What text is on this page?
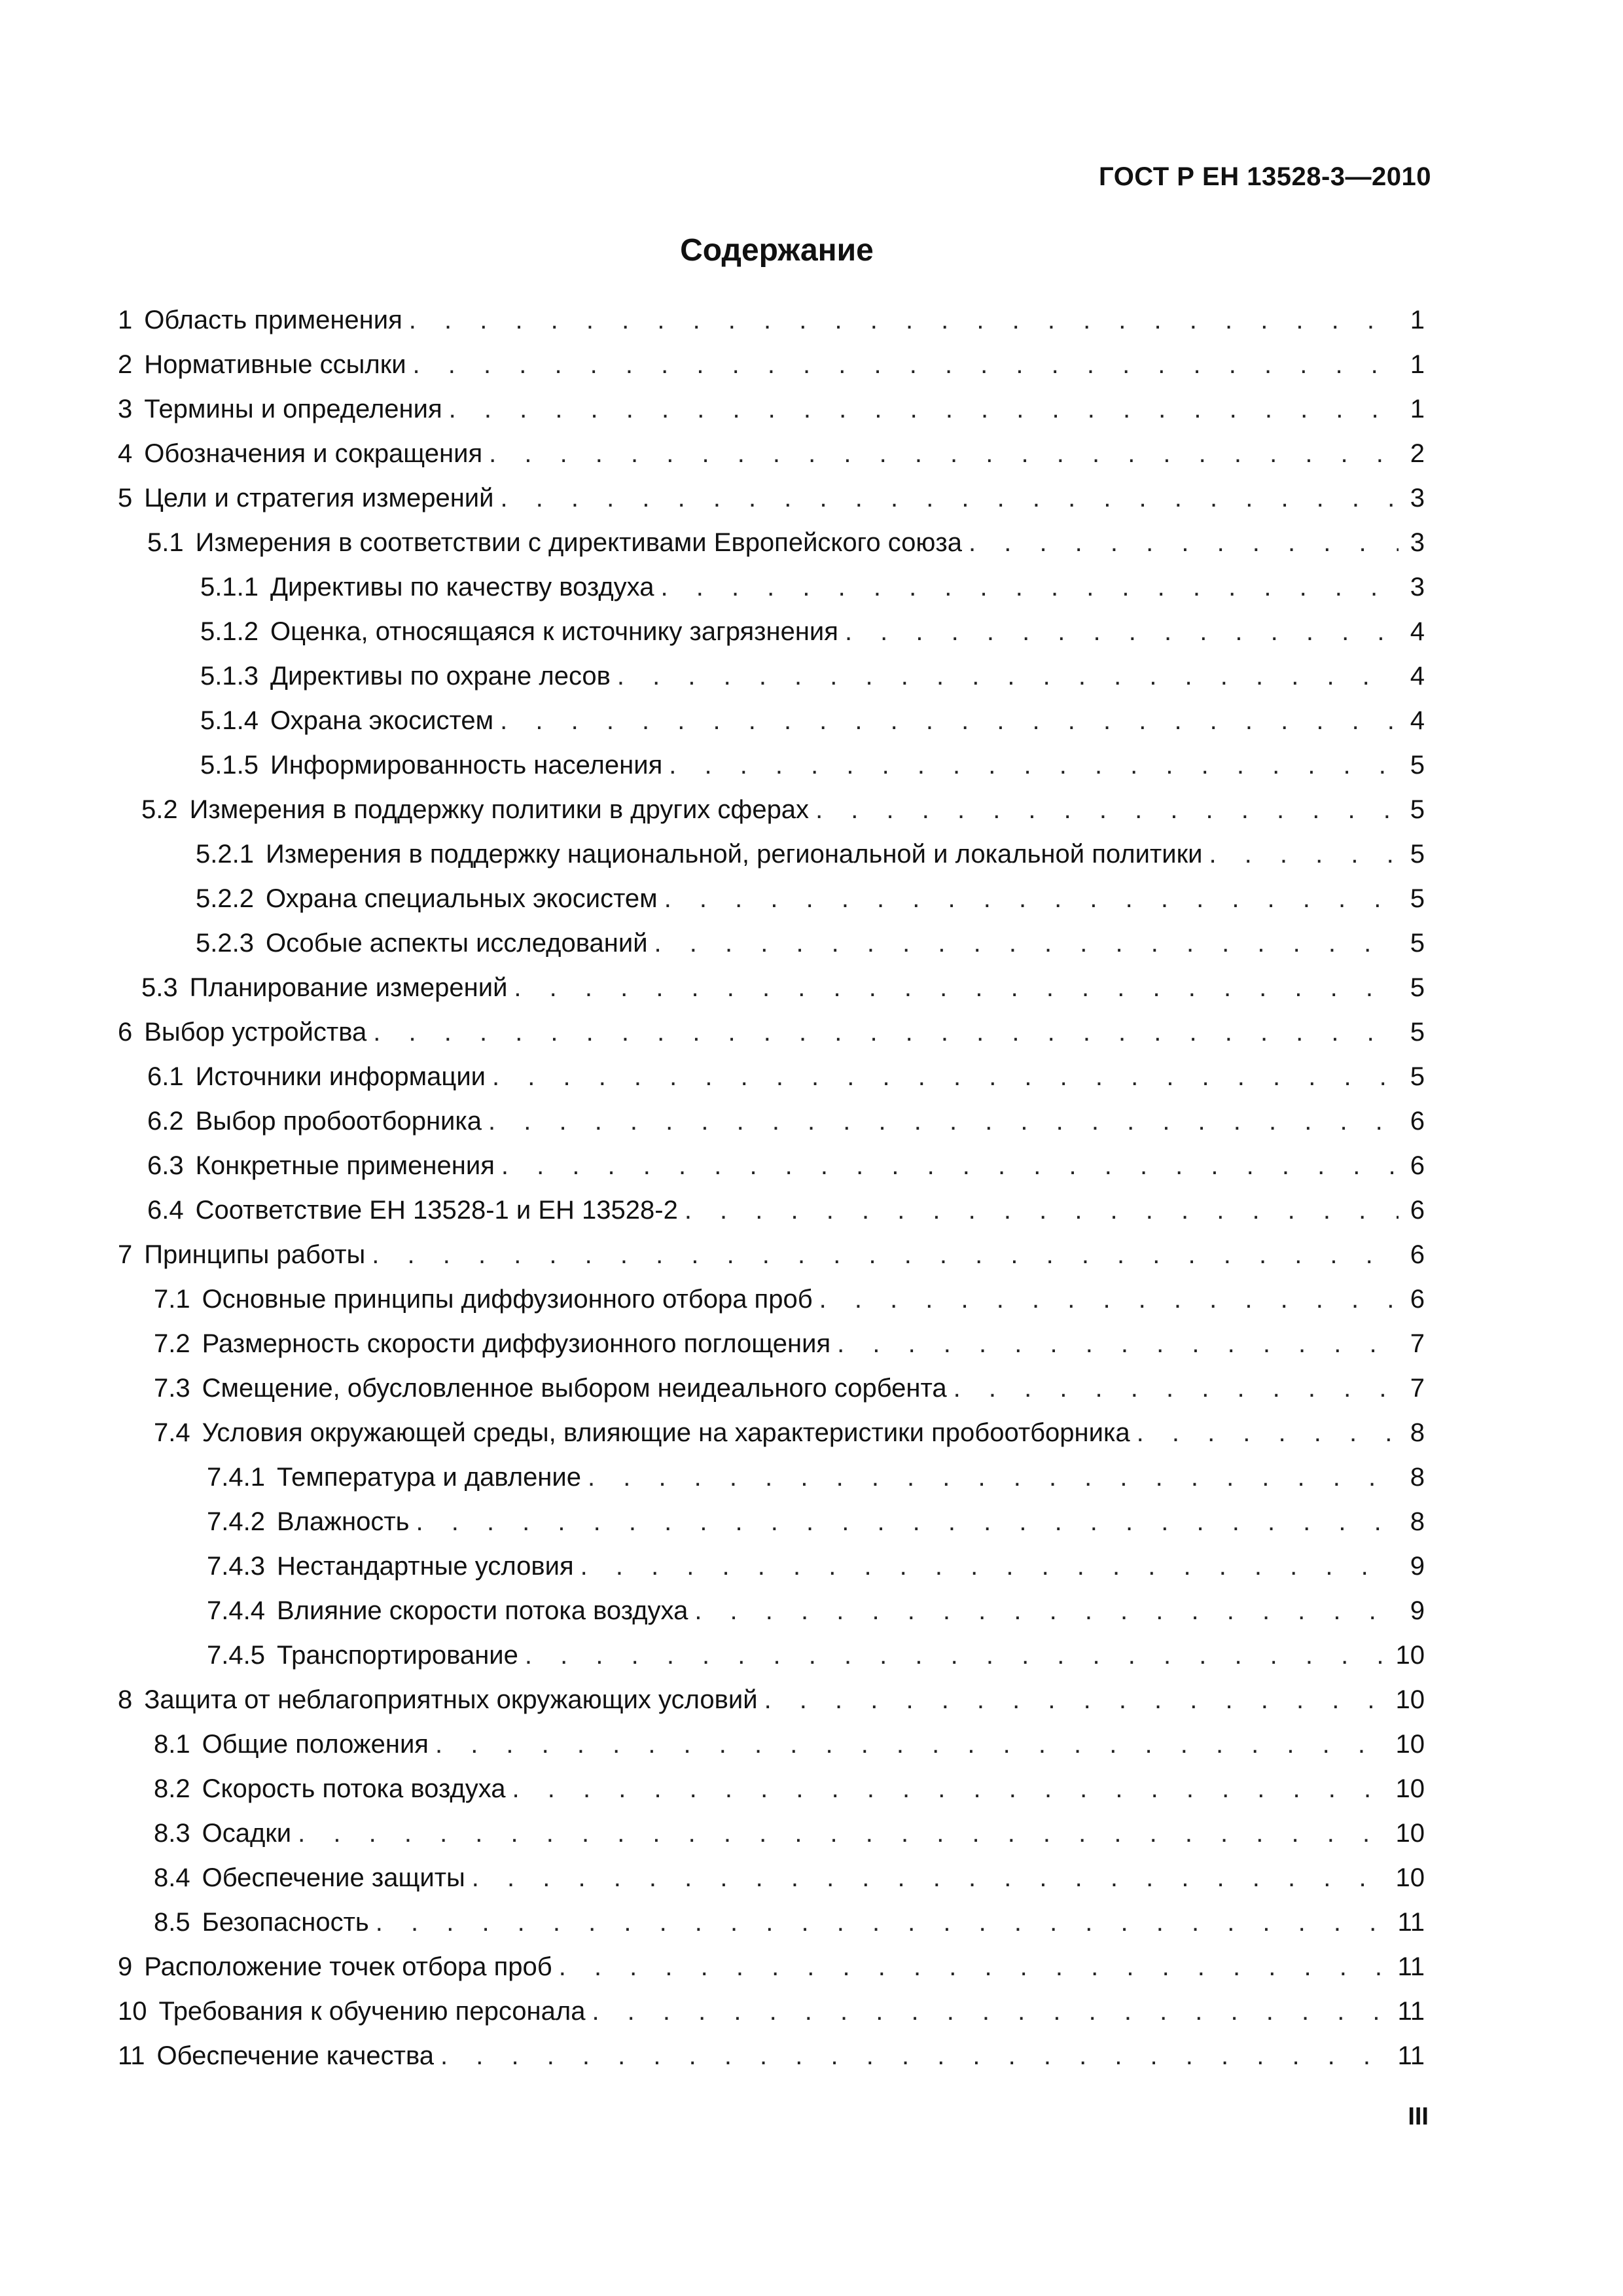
ГОСТ Р ЕН 13528-3—2010
Содержание
1 Область применения . . .	1
2 Нормативные ссылки . . .	1
3 Термины и определения . . .	1
4 Обозначения и сокращения . . .	2
5 Цели и стратегия измерений . . .	3
5.1 Измерения в соответствии с директивами Европейского союза . . .	3
5.1.1 Директивы по качеству воздуха . . .	3
5.1.2 Оценка, относящаяся к источнику загрязнения . . .	4
5.1.3 Директивы по охране лесов . . .	4
5.1.4 Охрана экосистем . . .	4
5.1.5 Информированность населения . . .	5
5.2 Измерения в поддержку политики в других сферах . . .	5
5.2.1 Измерения в поддержку национальной, региональной и локальной политики . . .	5
5.2.2 Охрана специальных экосистем . . .	5
5.2.3 Особые аспекты исследований . . .	5
5.3 Планирование измерений . . .	5
6 Выбор устройства . . .	5
6.1 Источники информации . . .	5
6.2 Выбор пробоотборника . . .	6
6.3 Конкретные применения . . .	6
6.4 Соответствие ЕН 13528-1 и ЕН 13528-2 . . .	6
7 Принципы работы . . .	6
7.1 Основные принципы диффузионного отбора проб . . .	6
7.2 Размерность скорости диффузионного поглощения . . .	7
7.3 Смещение, обусловленное выбором неидеального сорбента . . .	7
7.4 Условия окружающей среды, влияющие на характеристики пробоотборника . . .	8
7.4.1 Температура и давление . . .	8
7.4.2 Влажность . . .	8
7.4.3 Нестандартные условия . . .	9
7.4.4 Влияние скорости потока воздуха . . .	9
7.4.5 Транспортирование . . .	10
8 Защита от неблагоприятных окружающих условий . . .	10
8.1 Общие положения . . .	10
8.2 Скорость потока воздуха . . .	10
8.3 Осадки . . .	10
8.4 Обеспечение защиты . . .	10
8.5 Безопасность . . .	11
9 Расположение точек отбора проб . . .	11
10 Требования к обучению персонала . . .	11
11 Обеспечение качества . . .	11
III
